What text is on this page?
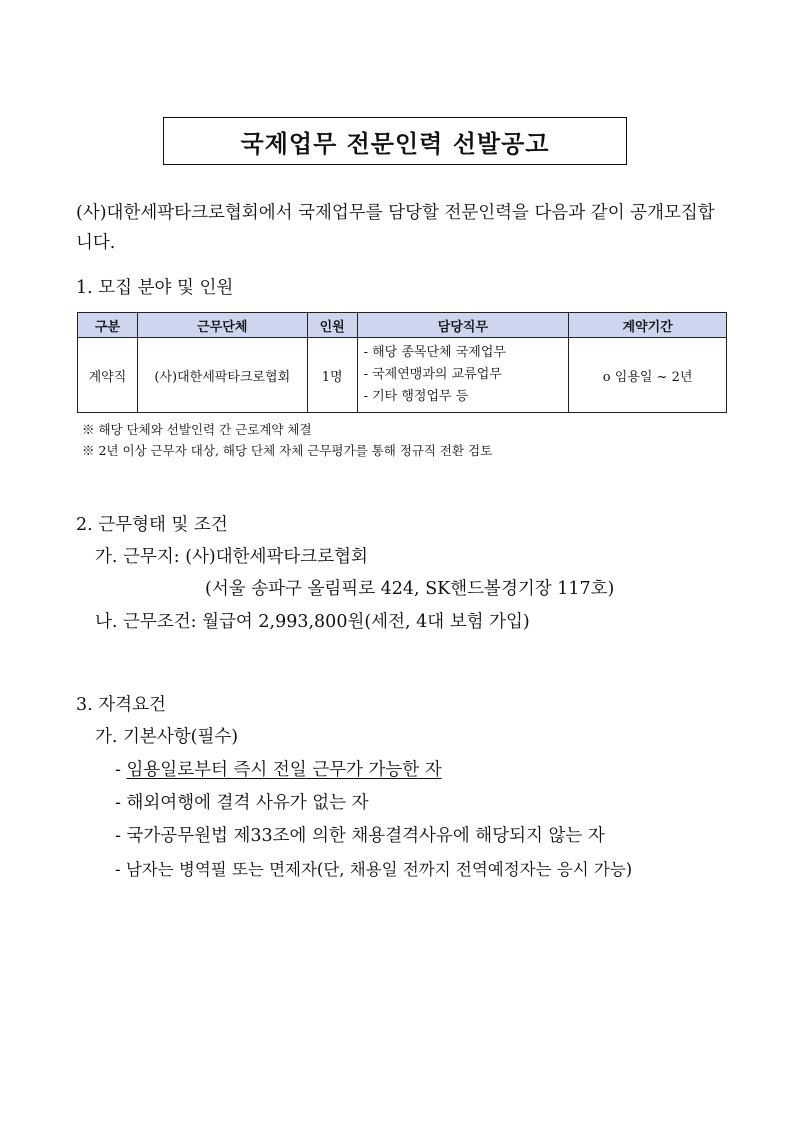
국제업무 전문인력 선발공고

(사)대한세팍타크로협회에서 국제업무를 담당할 전문인력을 다음과 같이 공개모집합니다.

1. 모집 분야 및 인원

구분	근무단체	인원	담당직무	계약기간
계약직	(사)대한세팍타크로협회	1명	- 해당 종목단체 국제업무
- 국제연맹과의 교류업무
- 기타 행정업무 등	o 임용일 ~ 2년
※ 해당 단체와 선발인력 간 근로계약 체결
※ 2년 이상 근무자 대상, 해당 단체 자체 근무평가를 통해 정규직 전환 검토

2. 근무형태 및 조건

가. 근무지: (사)대한세팍타크로협회

(서울 송파구 올림픽로 424, SK핸드볼경기장 117호)

나. 근무조건: 월급여 2,993,800원(세전, 4대 보험 가입)

3. 자격요건

가. 기본사항(필수)

- 임용일로부터 즉시 전일 근무가 가능한 자

- 해외여행에 결격 사유가 없는 자

- 국가공무원법 제33조에 의한 채용결격사유에 해당되지 않는 자

- 남자는 병역필 또는 면제자(단, 채용일 전까지 전역예정자는 응시 가능)
